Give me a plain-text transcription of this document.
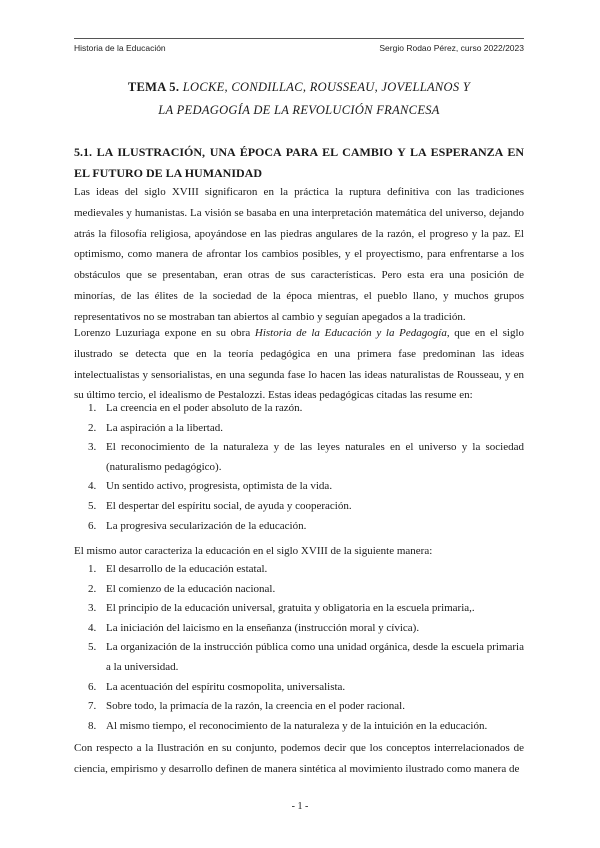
Historia de la Educación	Sergio Rodao Pérez, curso 2022/2023
TEMA 5. LOCKE, CONDILLAC, ROUSSEAU, JOVELLANOS Y
LA PEDAGOGÍA DE LA REVOLUCIÓN FRANCESA
5.1. LA ILUSTRACIÓN, UNA ÉPOCA PARA EL CAMBIO Y LA ESPERANZA EN EL FUTURO DE LA HUMANIDAD
Las ideas del siglo XVIII significaron en la práctica la ruptura definitiva con las tradiciones medievales y humanistas. La visión se basaba en una interpretación matemática del universo, dejando atrás la filosofía religiosa, apoyándose en las piedras angulares de la razón, el progreso y la paz. El optimismo, como manera de afrontar los cambios posibles, y el proyectismo, para enfrentarse a los obstáculos que se presentaban, eran otras de sus características. Pero esta era una posición de minorías, de las élites de la sociedad de la época mientras, el pueblo llano, y muchos grupos representativos no se mostraban tan abiertos al cambio y seguían apegados a la tradición.
Lorenzo Luzuriaga expone en su obra Historia de la Educación y la Pedagogía, que en el siglo ilustrado se detecta que en la teoría pedagógica en una primera fase predominan las ideas intelectualistas y sensorialistas, en una segunda fase lo hacen las ideas naturalistas de Rousseau, y en su último tercio, el idealismo de Pestalozzi. Estas ideas pedagógicas citadas las resume en:
1. La creencia en el poder absoluto de la razón.
2. La aspiración a la libertad.
3. El reconocimiento de la naturaleza y de las leyes naturales en el universo y la sociedad (naturalismo pedagógico).
4. Un sentido activo, progresista, optimista de la vida.
5. El despertar del espíritu social, de ayuda y cooperación.
6. La progresiva secularización de la educación.
El mismo autor caracteriza la educación en el siglo XVIII de la siguiente manera:
1. El desarrollo de la educación estatal.
2. El comienzo de la educación nacional.
3. El principio de la educación universal, gratuita y obligatoria en la escuela primaria,.
4. La iniciación del laicismo en la enseñanza (instrucción moral y cívica).
5. La organización de la instrucción pública como una unidad orgánica, desde la escuela primaria a la universidad.
6. La acentuación del espíritu cosmopolita, universalista.
7. Sobre todo, la primacía de la razón, la creencia en el poder racional.
8. Al mismo tiempo, el reconocimiento de la naturaleza y de la intuición en la educación.
Con respecto a la Ilustración en su conjunto, podemos decir que los conceptos interrelacionados de ciencia, empirismo y desarrollo definen de manera sintética al movimiento ilustrado como manera de
- 1 -
